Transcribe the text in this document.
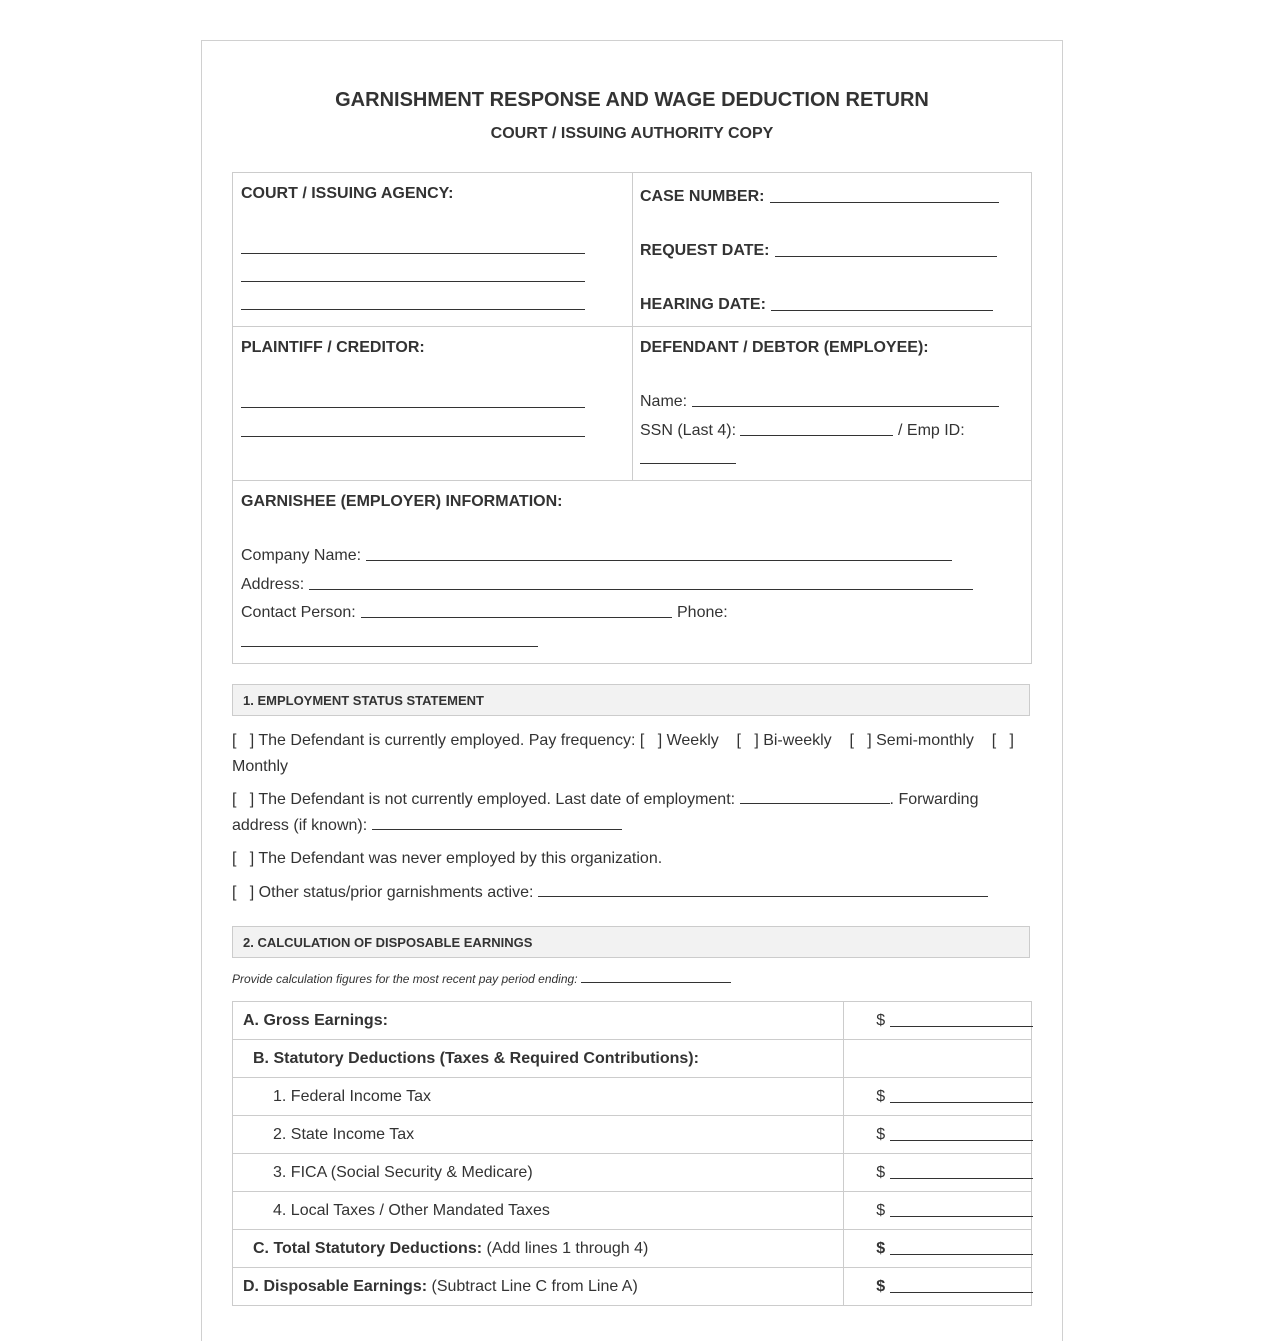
GARNISHMENT RESPONSE AND WAGE DEDUCTION RETURN
COURT / ISSUING AUTHORITY COPY
COURT / ISSUING AGENCY:	CASE NUMBER:
REQUEST DATE:
HEARING DATE:
PLAINTIFF / CREDITOR:	DEFENDANT / DEBTOR (EMPLOYEE):
Name:
SSN (Last 4):	/ Emp ID:
GARNISHEE (EMPLOYER) INFORMATION:
Company Name:
Address:
Contact Person:	Phone:
1. EMPLOYMENT STATUS STATEMENT
[   ] The Defendant is currently employed. Pay frequency: [   ] Weekly    [   ] Bi-weekly    [   ] Semi-monthly    [   ]
Monthly
[   ] The Defendant is not currently employed. Last date of employment:	. Forwarding
address (if known):
[   ] The Defendant was never employed by this organization.
[   ] Other status/prior garnishments active:
2. CALCULATION OF DISPOSABLE EARNINGS
Provide calculation figures for the most recent pay period ending:
A. Gross Earnings:	$

B. Statutory Deductions (Taxes & Required Contributions):	
1. Federal Income Tax	$

2. State Income Tax	$

3. FICA (Social Security & Medicare)	$

4. Local Taxes / Other Mandated Taxes	$

C. Total Statutory Deductions: (Add lines 1 through 4)	$

D. Disposable Earnings: (Subtract Line C from Line A)	$
